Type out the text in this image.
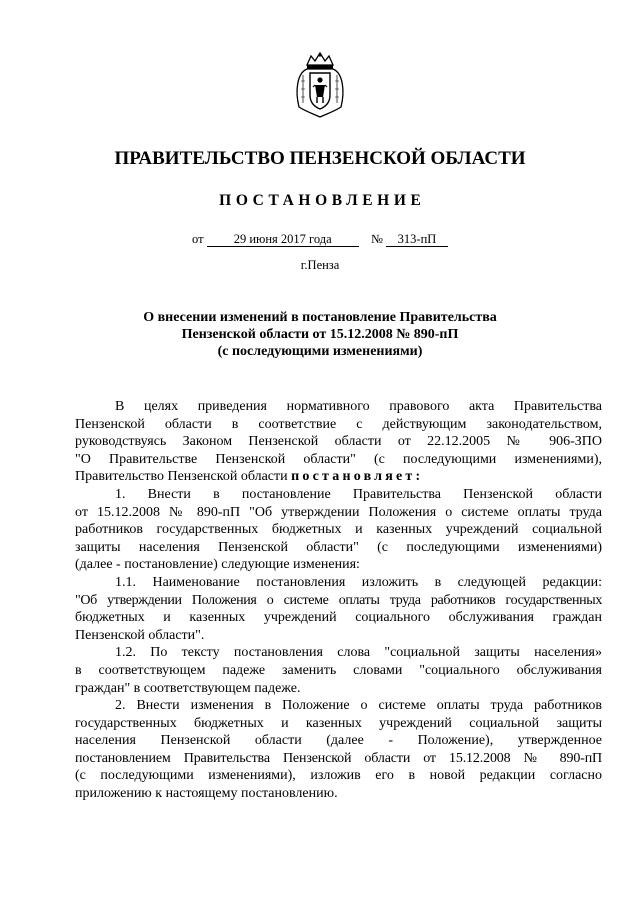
ПРАВИТЕЛЬСТВО ПЕНЗЕНСКОЙ ОБЛАСТИ
ПОСТАНОВЛЕНИЕ
от 29 июня 2017 года	№ 313-пП
г.Пенза
О внесении изменений в постановление Правительства
Пензенской области от 15.12.2008 № 890-пП
(с последующими изменениями)
В целях приведения нормативного правового акта Правительства
Пензенской области в соответствие с действующим законодательством,
руководствуясь Законом Пензенской области от 22.12.2005 № 906-ЗПО
"О Правительстве Пензенской области" (с последующими изменениями),
Правительство Пензенской области постановляет:
1. Внести в постановление Правительства Пензенской области
от 15.12.2008 № 890-пП "Об утверждении Положения о системе оплаты труда
работников государственных бюджетных и казенных учреждений социальной
защиты населения Пензенской области" (с последующими изменениями)
(далее - постановление) следующие изменения:
1.1. Наименование постановления изложить в следующей редакции:
"Об утверждении Положения о системе оплаты труда работников государственных
бюджетных и казенных учреждений социального обслуживания граждан
Пензенской области".
1.2. По тексту постановления слова "социальной защиты населения»
в соответствующем падеже заменить словами "социального обслуживания
граждан" в соответствующем падеже.
2. Внести изменения в Положение о системе оплаты труда работников
государственных бюджетных и казенных учреждений социальной защиты
населения Пензенской области (далее - Положение), утвержденное
постановлением Правительства Пензенской области от 15.12.2008 № 890-пП
(с последующими изменениями), изложив его в новой редакции согласно
приложению к настоящему постановлению.
